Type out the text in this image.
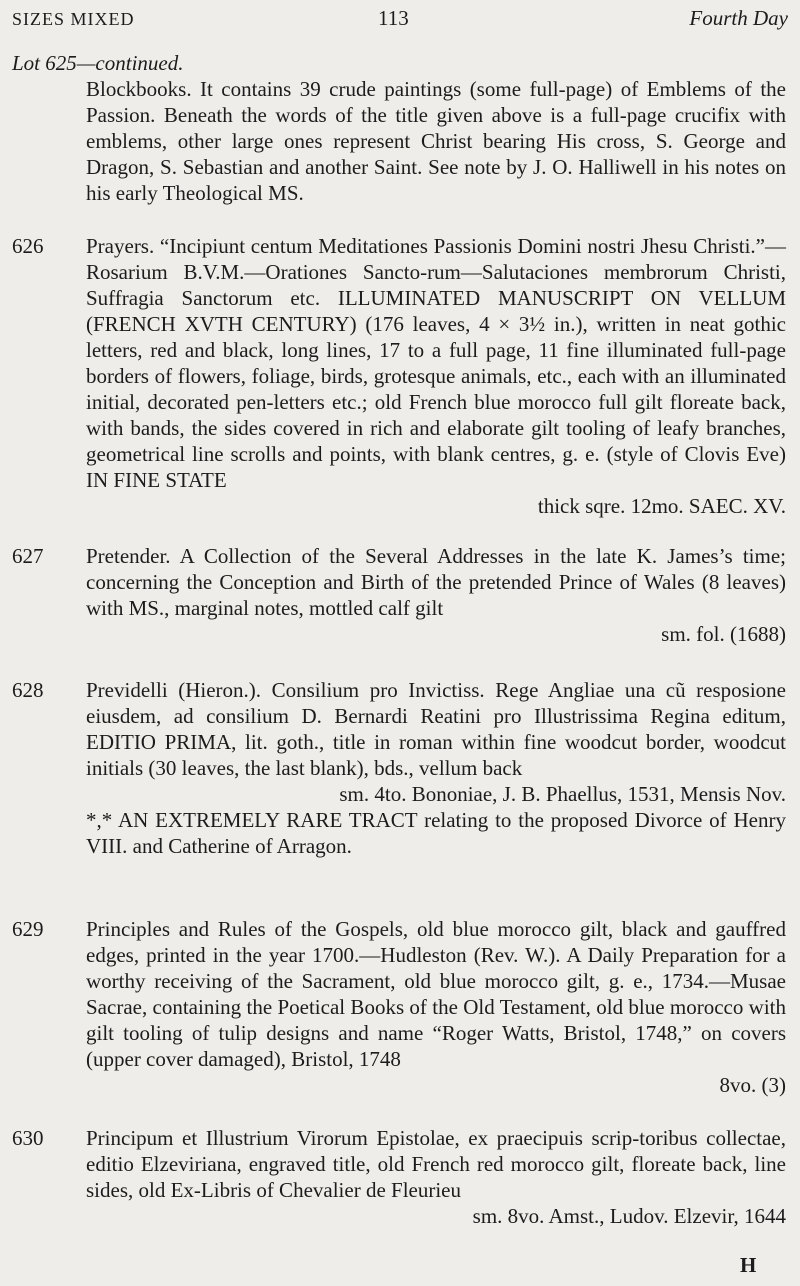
SIZES MIXED	113	Fourth Day
Lot 625—continued.
Blockbooks. It contains 39 crude paintings (some full-page) of Emblems of the Passion. Beneath the words of the title given above is a full-page crucifix with emblems, other large ones represent Christ bearing His cross, S. George and Dragon, S. Sebastian and another Saint. See note by J. O. Halliwell in his notes on his early Theological MS.
626	Prayers. “Incipiunt centum Meditationes Passionis Domini nostri Jhesu Christi.”—Rosarium B.V.M.—Orationes Sancto-rum—Salutaciones membrorum Christi, Suffragia Sanctorum etc. ILLUMINATED MANUSCRIPT ON VELLUM (FRENCH XVTH CENTURY) (176 leaves, 4 × 3½ in.), written in neat gothic letters, red and black, long lines, 17 to a full page, 11 fine illuminated full-page borders of flowers, foliage, birds, grotesque animals, etc., each with an illuminated initial, decorated pen-letters etc.; old French blue morocco full gilt floreate back, with bands, the sides covered in rich and elaborate gilt tooling of leafy branches, geometrical line scrolls and points, with blank centres, g. e. (style of Clovis Eve) IN FINE STATE
thick sqre. 12mo. SAEC. XV.
627	Pretender. A Collection of the Several Addresses in the late K. James’s time; concerning the Conception and Birth of the pretended Prince of Wales (8 leaves) with MS., marginal notes, mottled calf gilt
sm. fol. (1688)
628	Previdelli (Hieron.). Consilium pro Invictiss. Rege Angliae una cũ resposione eiusdem, ad consilium D. Bernardi Reatini pro Illustrissima Regina editum, EDITIO PRIMA, lit. goth., title in roman within fine woodcut border, woodcut initials (30 leaves, the last blank), bds., vellum back
sm. 4to. Bononiae, J. B. Phaellus, 1531, Mensis Nov.
*,* AN EXTREMELY RARE TRACT relating to the proposed Divorce of Henry VIII. and Catherine of Arragon.
629	Principles and Rules of the Gospels, old blue morocco gilt, black and gauffred edges, printed in the year 1700.—Hudleston (Rev. W.). A Daily Preparation for a worthy receiving of the Sacrament, old blue morocco gilt, g. e., 1734.—Musae Sacrae, containing the Poetical Books of the Old Testament, old blue morocco with gilt tooling of tulip designs and name “Roger Watts, Bristol, 1748,” on covers (upper cover damaged), Bristol, 1748
8vo. (3)
630	Principum et Illustrium Virorum Epistolae, ex praecipuis scrip-toribus collectae, editio Elzeviriana, engraved title, old French red morocco gilt, floreate back, line sides, old Ex-Libris of Chevalier de Fleurieu
sm. 8vo. Amst., Ludov. Elzevir, 1644
H
